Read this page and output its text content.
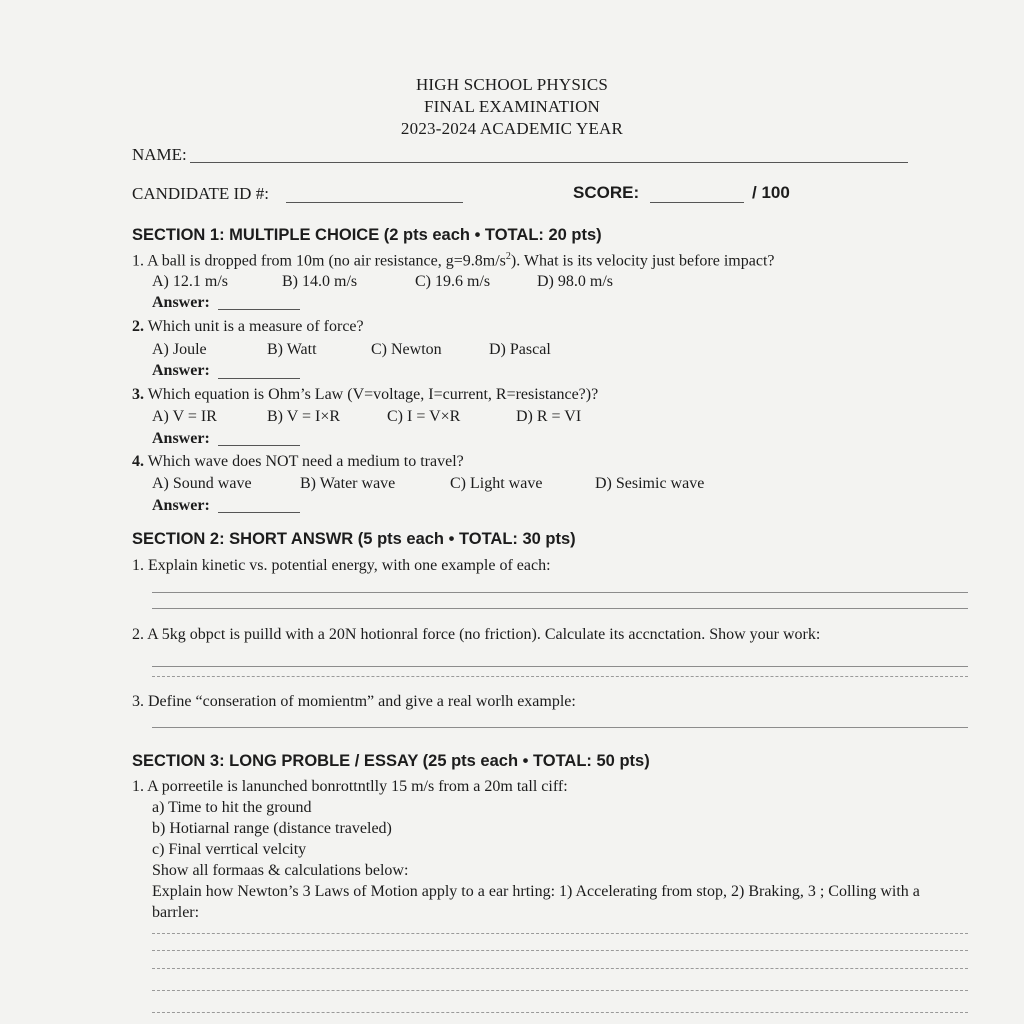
HIGH SCHOOL PHYSICS
FINAL EXAMINATION
2023-2024 ACADEMIC YEAR
NAME:
CANDIDATE ID #:	SCORE:	/ 100
SECTION 1: MULTIPLE CHOICE (2 pts each • TOTAL: 20 pts)
1. A ball is dropped from 10m (no air resistance, $g=9.8m/s^2$). What is its velocity just before impact?
A) 12.1 m/s	B) 14.0 m/s	C) 19.6 m/s	D) 98.0 m/s
Answer:
2. Which unit is a measure of force?
A) Joule	B) Watt	C) Newton	D) Pascal
Answer:
3. Which equation is Ohm’s Law (V=voltage, I=current, R=resistance?)?
A) V = IR	B) V = I×R	C) I = V×R	D) R = VI
Answer:
4. Which wave does NOT need a medium to travel?
A) Sound wave	B) Water wave	C) Light wave	D) Sesimic wave
Answer:
SECTION 2: SHORT ANSWR (5 pts each • TOTAL: 30 pts)
1. Explain kinetic vs. potential energy, with one example of each:
2. A 5kg obpct is puill‌d with a 20N hotionr‌al force (no friction). Calculate its accnctation. Show your work:
3. Define “conseration of momientm” and give a real worlh example:
SECTION 3: LONG PROBLE / ESSAY (25 pts each • TOTAL: 50 pts)
1. A porreetile is lanunched bonr‌ottntlly 15 m/s from a 20m tall ciff:
a) Time to hit the ground
b) Hotiarn‌al range (distance traveled)
c) Final verrtical velcity
Show all formaas & calculations below:
Explain how Newton’s 3 Laws of Motion apply to a ear hrting: 1) Accelerating from stop, 2) Braking, 3 ; Colling with a
barrler:
